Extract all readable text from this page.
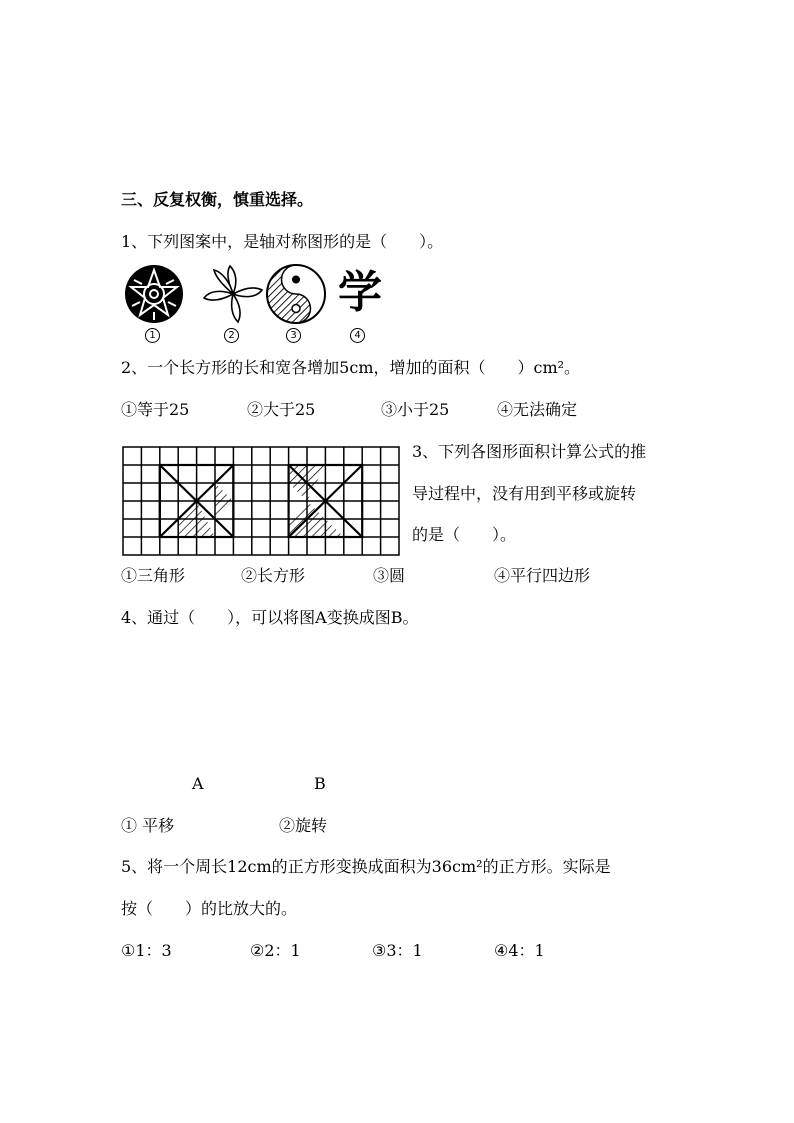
三、反复权衡，慎重选择。
1、下列图案中，是轴对称图形的是（　　）。
1	2	3
学
4
2、一个长方形的长和宽各增加5cm，增加的面积（　　）cm²。
①等于25	②大于25	③小于25	④无法确定
3、下列各图形面积计算公式的推
导过程中，没有用到平移或旋转
的是（　　）。
①三角形	②长方形	③圆	④平行四边形
4、通过（　　），可以将图A变换成图B。
A	B
① 平移	②旋转
5、将一个周长12cm的正方形变换成面积为36cm²的正方形。实际是
按（　　）的比放大的。
①1：3	②2：1	③3：1	④4：1
